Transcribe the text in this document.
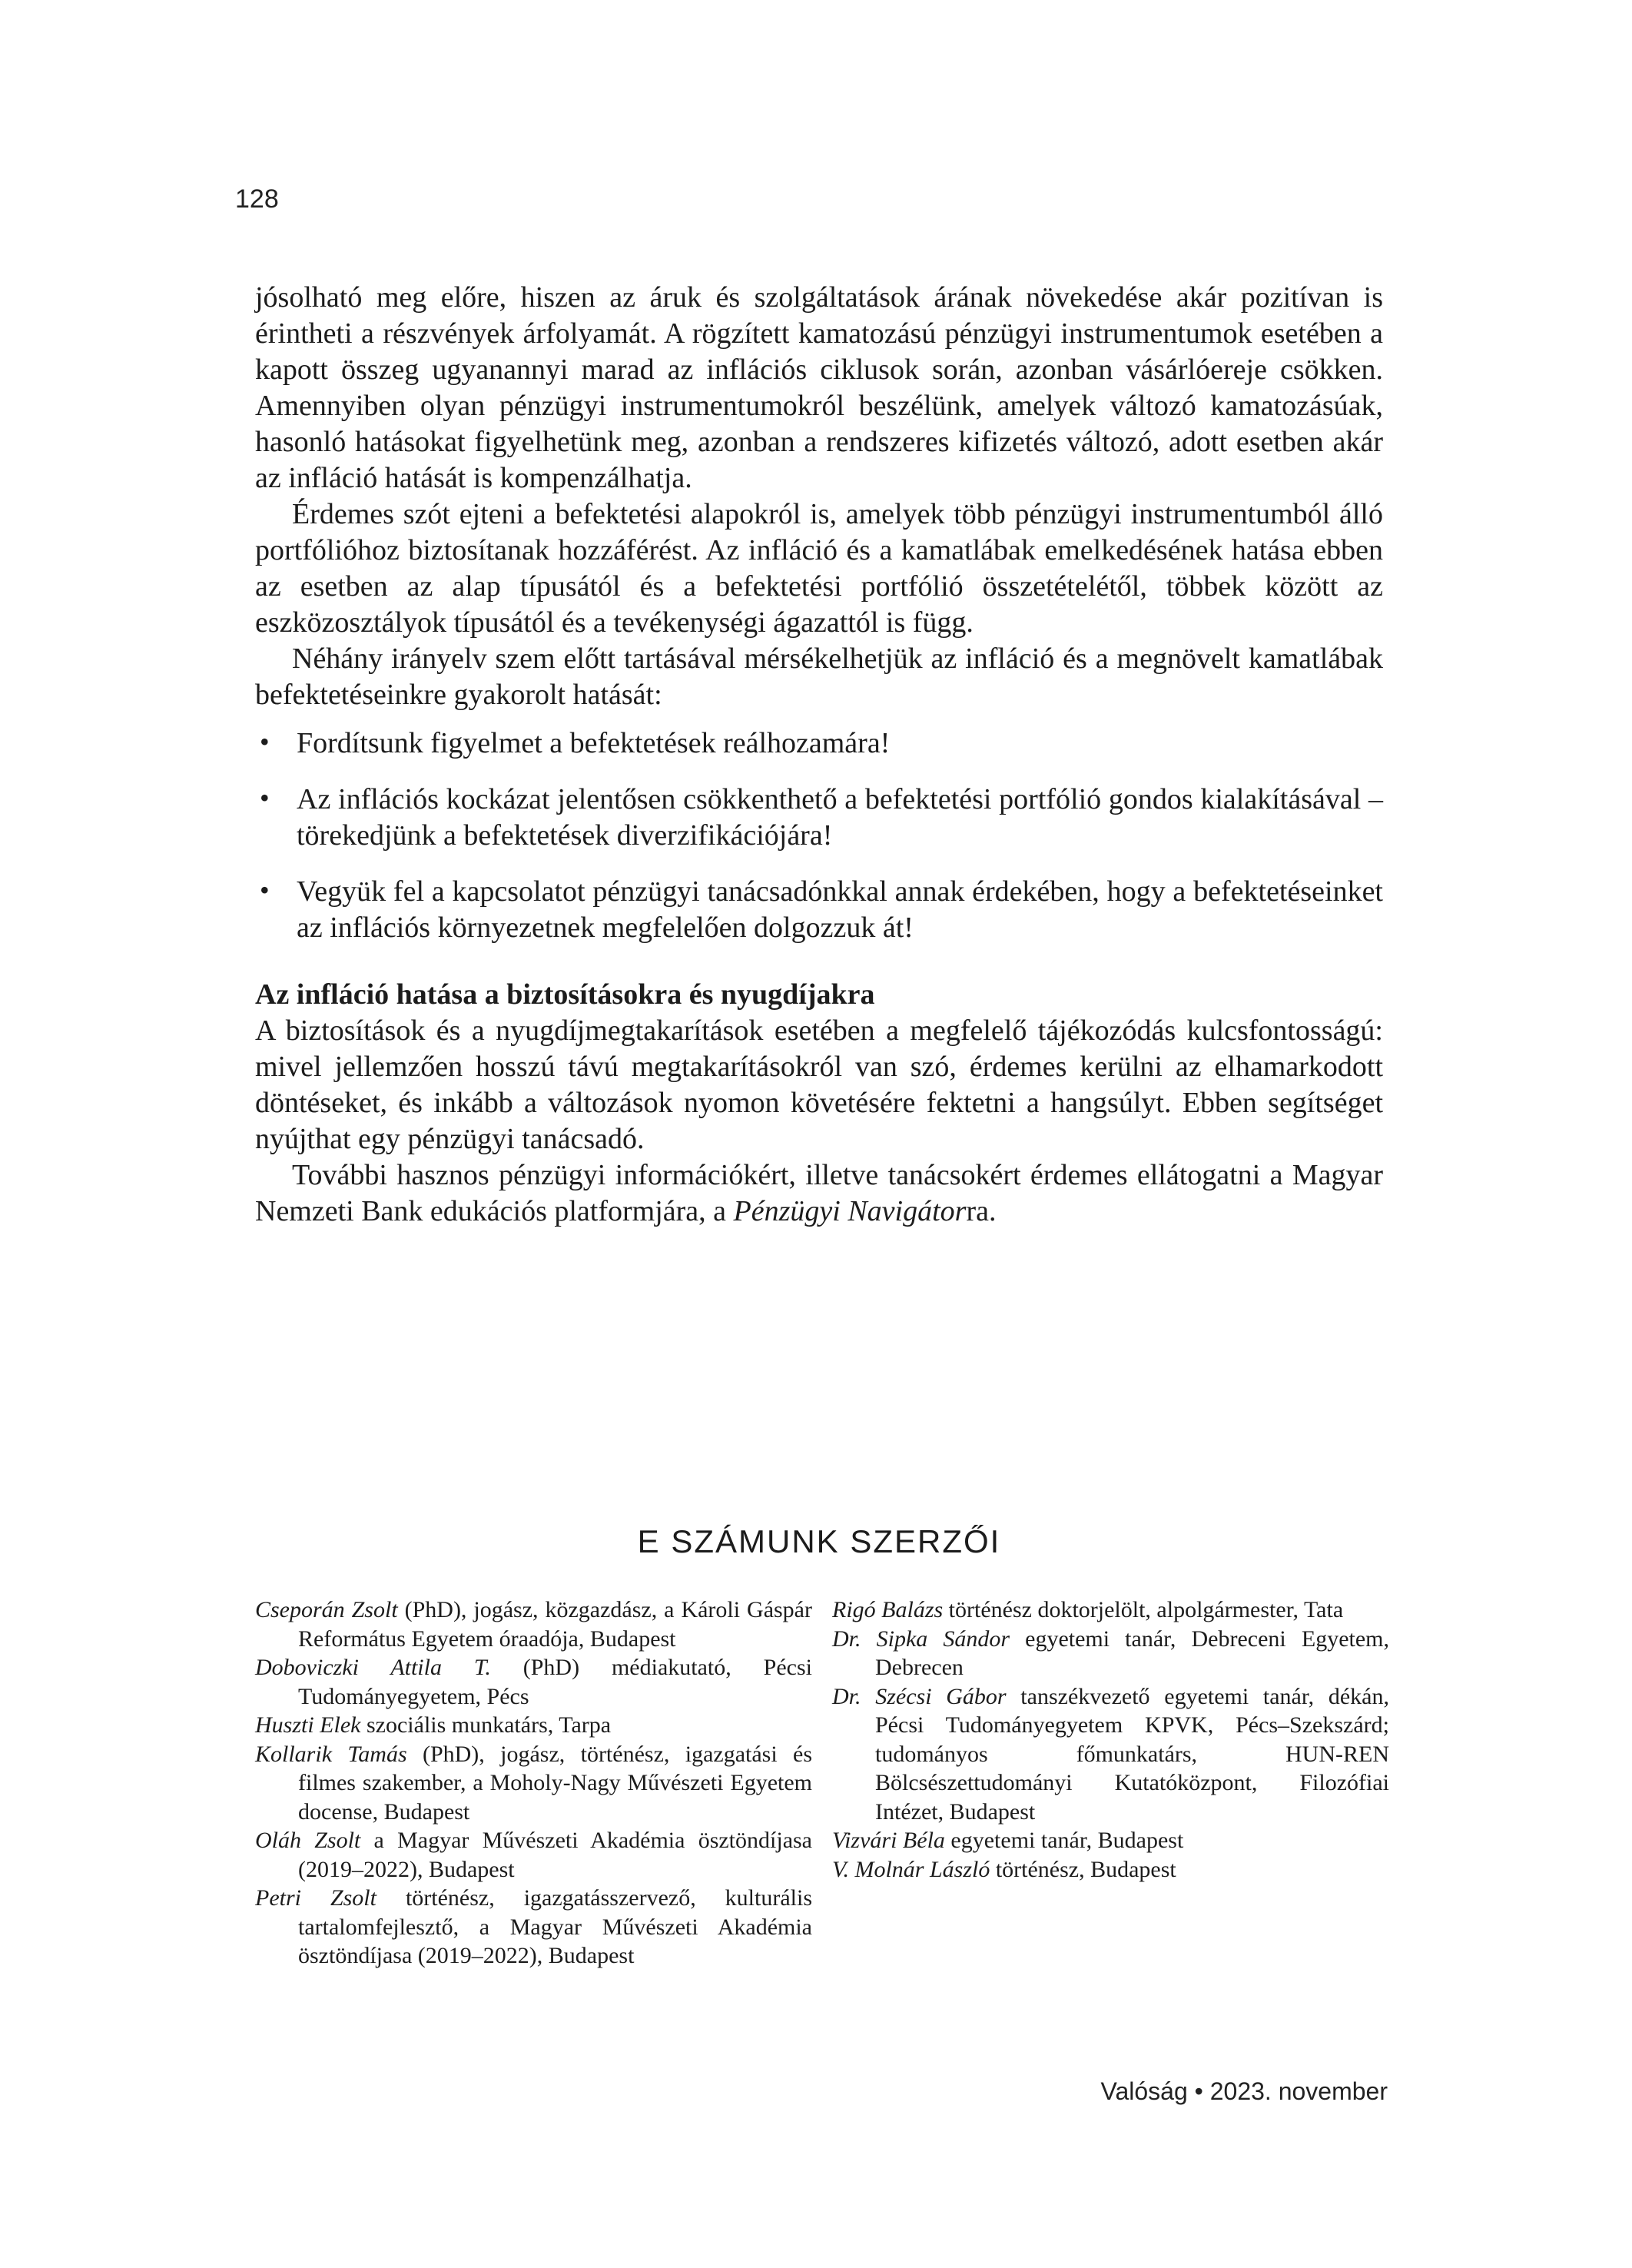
128

jósolható meg előre, hiszen az áruk és szolgáltatások árának növekedése akár pozitívan is érintheti a részvények árfolyamát. A rögzített kamatozású pénzügyi instrumentumok esetében a kapott összeg ugyanannyi marad az inflációs ciklusok során, azonban vásárlóereje csökken. Amennyiben olyan pénzügyi instrumentumokról beszélünk, amelyek változó kamatozásúak, hasonló hatásokat figyelhetünk meg, azonban a rendszeres kifizetés változó, adott esetben akár az infláció hatását is kompenzálhatja.

Érdemes szót ejteni a befektetési alapokról is, amelyek több pénzügyi instrumentumból álló portfólióhoz biztosítanak hozzáférést. Az infláció és a kamatlábak emelkedésének hatása ebben az esetben az alap típusától és a befektetési portfólió összetételétől, többek között az eszközosztályok típusától és a tevékenységi ágazattól is függ.

Néhány irányelv szem előtt tartásával mérsékelhetjük az infláció és a megnövelt kamatlábak befektetéseinkre gyakorolt hatását:

• Fordítsunk figyelmet a befektetések reálhozamára!
• Az inflációs kockázat jelentősen csökkenthető a befektetési portfólió gondos kialakításával – törekedjünk a befektetések diverzifikációjára!
• Vegyük fel a kapcsolatot pénzügyi tanácsadónkkal annak érdekében, hogy a befektetéseinket az inflációs környezetnek megfelelően dolgozzuk át!
Az infláció hatása a biztosításokra és nyugdíjakra

A biztosítások és a nyugdíjmegtakarítások esetében a megfelelő tájékozódás kulcsfontosságú: mivel jellemzően hosszú távú megtakarításokról van szó, érdemes kerülni az elhamarkodott döntéseket, és inkább a változások nyomon követésére fektetni a hangsúlyt. Ebben segítséget nyújthat egy pénzügyi tanácsadó.

További hasznos pénzügyi információkért, illetve tanácsokért érdemes ellátogatni a Magyar Nemzeti Bank edukációs platformjára, a Pénzügyi Navigátorra.

E SZÁMUNK SZERZŐI

Cseporán Zsolt (PhD), jogász, közgazdász, a Károli Gáspár Református Egyetem óraadója, Budapest

Doboviczki Attila T. (PhD) médiakutató, Pécsi Tudományegyetem, Pécs

Huszti Elek szociális munkatárs, Tarpa

Kollarik Tamás (PhD), jogász, történész, igazgatási és filmes szakember, a Moholy-Nagy Művészeti Egyetem docense, Budapest

Oláh Zsolt a Magyar Művészeti Akadémia ösztöndíjasa (2019–2022), Budapest

Petri Zsolt történész, igazgatásszervező, kulturális tartalomfejlesztő, a Magyar Művészeti Akadémia ösztöndíjasa (2019–2022), Budapest

Rigó Balázs történész doktorjelölt, alpolgármester, Tata

Dr. Sipka Sándor egyetemi tanár, Debreceni Egyetem, Debrecen

Dr. Szécsi Gábor tanszékvezető egyetemi tanár, dékán, Pécsi Tudományegyetem KPVK, Pécs–Szekszárd; tudományos főmunkatárs, HUN-REN Bölcsészettudományi Kutatóközpont, Filozófiai Intézet, Budapest

Vizvári Béla egyetemi tanár, Budapest

V. Molnár László történész, Budapest

Valóság • 2023. november
